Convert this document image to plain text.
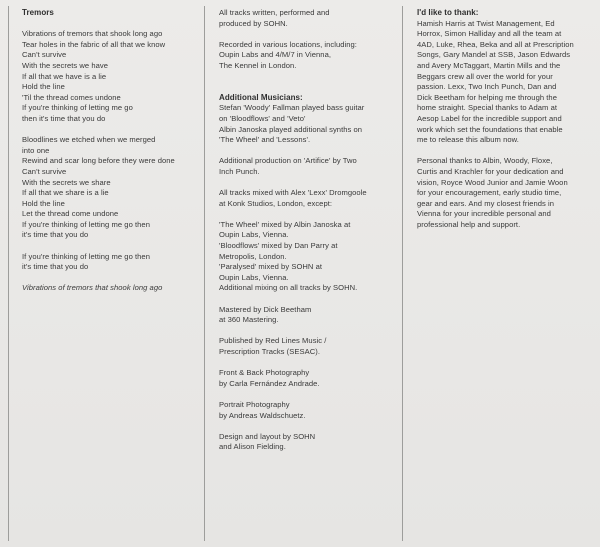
Tremors

Vibrations of tremors that shook long ago

Tear holes in the fabric of all that we know

Can't survive

With the secrets we have

If all that we have is a lie

Hold the line

'Til the thread comes undone

If you're thinking of letting me go

then it's time that you do

Bloodlines we etched when we merged

into one

Rewind and scar long before they were done

Can't survive

With the secrets we share

If all that we share is a lie

Hold the line

Let the thread come undone

If you're thinking of letting me go then

it's time that you do

If you're thinking of letting me go then

it's time that you do

Vibrations of tremors that shook long ago

All tracks written, performed and
produced by SOHN.

Recorded in various locations, including:
Oupin Labs and 4/M/7 in Vienna,
The Kennel in London.

Additional Musicians:

Stefan 'Woody' Fallman played bass guitar
on 'Bloodflows' and 'Veto'
Albin Janoska played additional synths on
'The Wheel' and 'Lessons'.

Additional production on 'Artifice' by Two
Inch Punch.

All tracks mixed with Alex 'Lexx' Dromgoole
at Konk Studios, London, except:

'The Wheel' mixed by Albin Janoska at
Oupin Labs, Vienna.
'Bloodflows' mixed by Dan Parry at
Metropolis, London.
'Paralysed' mixed by SOHN at
Oupin Labs, Vienna.
Additional mixing on all tracks by SOHN.

Mastered by Dick Beetham
at 360 Mastering.

Published by Red Lines Music /
Prescription Tracks (SESAC).

Front & Back Photography
by Carla Fernández Andrade.

Portrait Photography
by Andreas Waldschuetz.

Design and layout by SOHN
and Alison Fielding.

I'd like to thank:

Hamish Harris at Twist Management, Ed
Horrox, Simon Halliday and all the team at
4AD, Luke, Rhea, Beka and all at Prescription
Songs, Gary Mandel at SSB, Jason Edwards
and Avery McTaggart, Martin Mills and the
Beggars crew all over the world for your
passion. Lexx, Two Inch Punch, Dan and
Dick Beetham for helping me through the
home straight. Special thanks to Adam at
Aesop Label for the incredible support and
work which set the foundations that enable
me to release this album now.

Personal thanks to Albin, Woody, Floxe,
Curtis and Krachler for your dedication and
vision, Royce Wood Junior and Jamie Woon
for your encouragement, early studio time,
gear and ears. And my closest friends in
Vienna for your incredible personal and
professional help and support.
